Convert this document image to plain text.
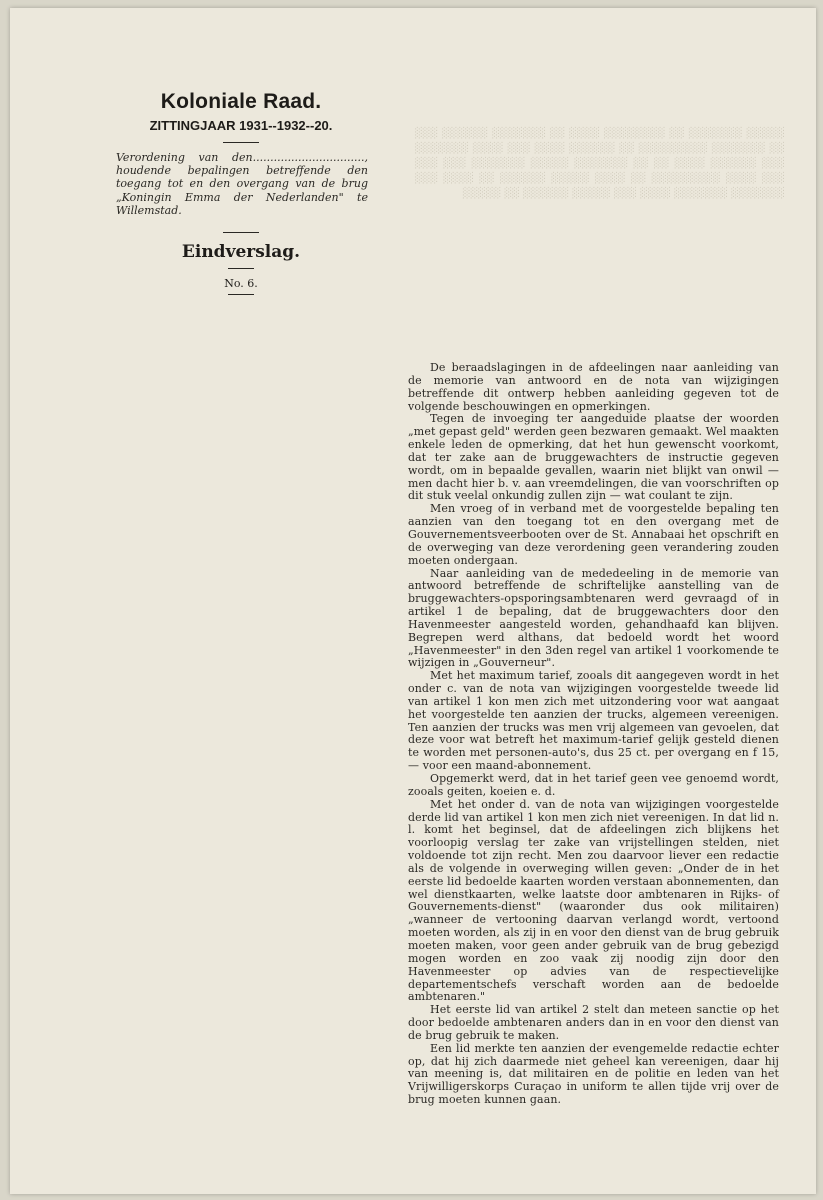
Koloniale Raad.
ZITTINGJAAR 1931--1932--20.
Verordening van den................................, houdende bepalingen betreffende den toegang tot en den overgang van de brug „Koningin Emma der Nederlanden" te Willemstad.
Eindverslag.
No. 6.
░░░░░ ░░░░░░░ ░░ ░░░░░░░░ ░░░░ ░░ ░░░░░░░ ░░░░░░ ░░░ ░░ ░░░░░░░ ░░░░░░░░░ ░░ ░░░░░░ ░░░░ ░░░ ░░░░ ░░░░░░░ ░░░ ░░░░░░ ░░░░ ░░ ░░ ░░░░░░░ ░░░░░ ░░░░░░░ ░░░ ░░░ ░░░ ░░░░ ░░░░░░░░░ ░░ ░░░░ ░░░░░ ░░░░░░ ░░ ░░░░ ░░░ ░░░░░░░ ░░░░░░░ ░░░░ ░░░ ░░░░░ ░░░░░░ ░░ ░░░░░

De beraadslagingen in de afdeelingen naar aanleiding van de memorie van antwoord en de nota van wijzigingen betreffende dit ontwerp hebben aanleiding gegeven tot de volgende beschouwingen en opmerkingen.

Tegen de invoeging ter aangeduide plaatse der woorden „met gepast geld" werden geen bezwaren gemaakt. Wel maakten enkele leden de opmerking, dat het hun gewenscht voorkomt, dat ter zake aan de bruggewachters de instructie gegeven wordt, om in bepaalde gevallen, waarin niet blijkt van onwil — men dacht hier b. v. aan vreemdelingen, die van voorschriften op dit stuk veelal onkundig zullen zijn — wat coulant te zijn.

Men vroeg of in verband met de voorgestelde bepaling ten aanzien van den toegang tot en den overgang met de Gouvernementsveerbooten over de St. Annabaai het opschrift en de overweging van deze verordening geen verandering zouden moeten ondergaan.

Naar aanleiding van de mededeeling in de memorie van antwoord betreffende de schriftelijke aanstelling van de bruggewachters-opsporingsambtenaren werd gevraagd of in artikel 1 de bepaling, dat de bruggewachters door den Havenmeester aangesteld worden, gehandhaafd kan blijven. Begrepen werd althans, dat bedoeld wordt het woord „Havenmeester" in den 3den regel van artikel 1 voorkomende te wijzigen in „Gouverneur".

Met het maximum tarief, zooals dit aangegeven wordt in het onder c. van de nota van wijzigingen voorgestelde tweede lid van artikel 1 kon men zich met uitzondering voor wat aangaat het voorgestelde ten aanzien der trucks, algemeen vereenigen. Ten aanzien der trucks was men vrij algemeen van gevoelen, dat deze voor wat betreft het maximum-tarief gelijk gesteld dienen te worden met personen-auto's, dus 25 ct. per overgang en f 15,— voor een maand-abonnement.

Opgemerkt werd, dat in het tarief geen vee genoemd wordt, zooals geiten, koeien e. d.

Met het onder d. van de nota van wijzigingen voorgestelde derde lid van artikel 1 kon men zich niet vereenigen. In dat lid n. l. komt het beginsel, dat de afdeelingen zich blijkens het voorloopig verslag ter zake van vrijstellingen stelden, niet voldoende tot zijn recht. Men zou daarvoor liever een redactie als de volgende in overweging willen geven: „Onder de in het eerste lid bedoelde kaarten worden verstaan abonnementen, dan wel dienstkaarten, welke laatste door ambtenaren in Rijks- of Gouvernements-dienst" (waaronder dus ook militairen) „wanneer de vertooning daarvan verlangd wordt, vertoond moeten worden, als zij in en voor den dienst van de brug gebruik moeten maken, voor geen ander gebruik van de brug gebezigd mogen worden en zoo vaak zij noodig zijn door den Havenmeester op advies van de respectievelijke departementschefs verschaft worden aan de bedoelde ambtenaren."

Het eerste lid van artikel 2 stelt dan meteen sanctie op het door bedoelde ambtenaren anders dan in en voor den dienst van de brug gebruik te maken.

Een lid merkte ten aanzien der evengemelde redactie echter op, dat hij zich daarmede niet geheel kan vereenigen, daar hij van meening is, dat militairen en de politie en leden van het Vrijwilligerskorps Curaçao in uniform te allen tijde vrij over de brug moeten kunnen gaan.
